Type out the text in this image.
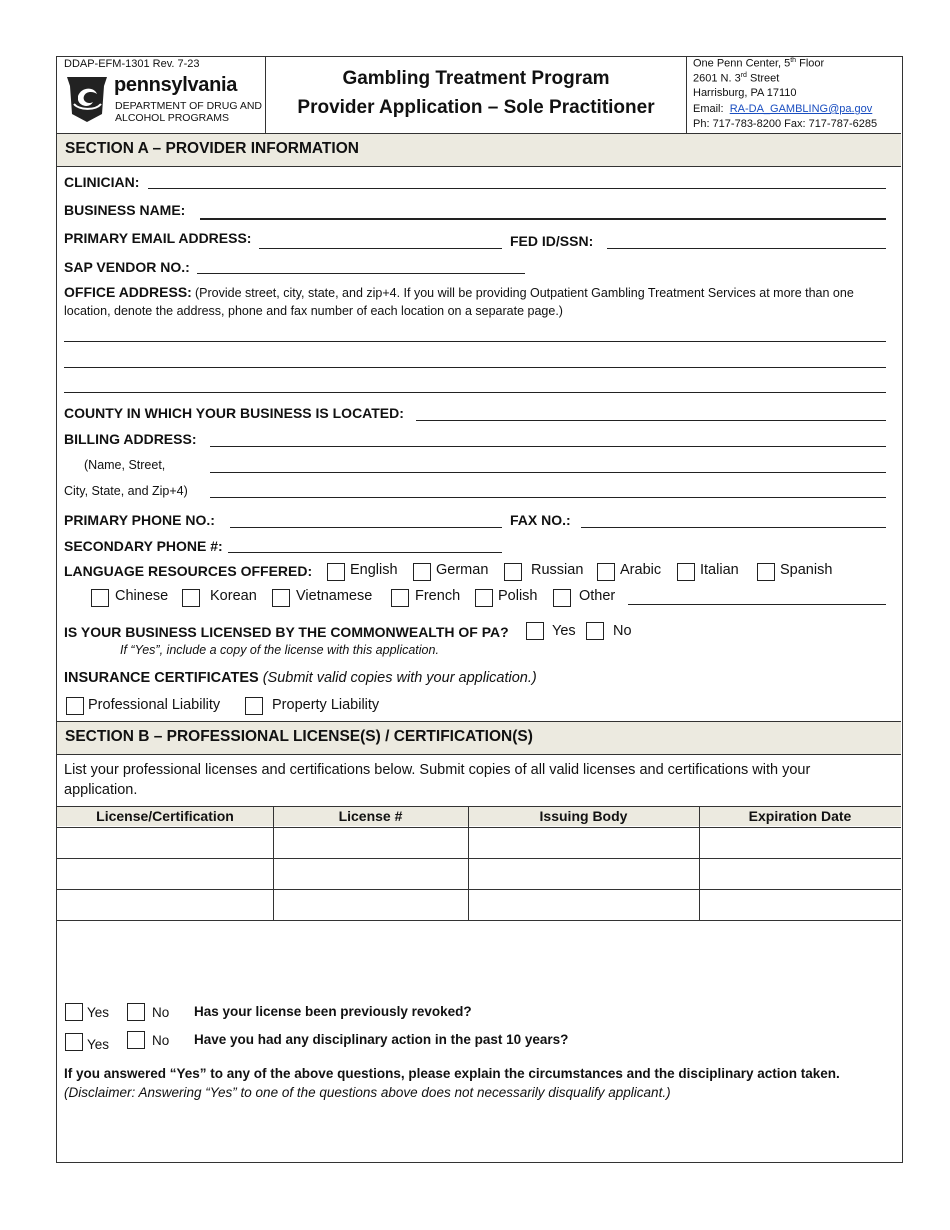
DDAP-EFM-1301 Rev. 7-23
pennsylvania
DEPARTMENT OF DRUG AND
ALCOHOL PROGRAMS
Gambling Treatment Program
Provider Application – Sole Practitioner
One Penn Center, 5th Floor
2601 N. 3rd Street
Harrisburg, PA 17110
Email: RA-DA_GAMBLING@pa.gov
Ph: 717-783-8200 Fax: 717-787-6285
SECTION A – PROVIDER INFORMATION
CLINICIAN:
BUSINESS NAME:
PRIMARY EMAIL ADDRESS:	FED ID/SSN:
SAP VENDOR NO.:
OFFICE ADDRESS: (Provide street, city, state, and zip+4. If you will be providing Outpatient Gambling Treatment Services at more than one
location, denote the address, phone and fax number of each location on a separate page.)
COUNTY IN WHICH YOUR BUSINESS IS LOCATED:
BILLING ADDRESS:
(Name, Street,
City, State, and Zip+4)
PRIMARY PHONE NO.:	FAX NO.:
SECONDARY PHONE #:
LANGUAGE RESOURCES OFFERED:	English	German	Russian	Arabic	Italian	Spanish
Chinese	Korean	Vietnamese	French	Polish	Other
IS YOUR BUSINESS LICENSED BY THE COMMONWEALTH OF PA?	Yes	No
If “Yes”, include a copy of the license with this application.
INSURANCE CERTIFICATES (Submit valid copies with your application.)
Professional Liability	Property Liability
SECTION B – PROFESSIONAL LICENSE(S) / CERTIFICATION(S)
List your professional licenses and certifications below. Submit copies of all valid licenses and certifications with your
application.
License/Certification	License #	Issuing Body	Expiration Date
Yes	No Has your license been previously revoked?
Yes	No Have you had any disciplinary action in the past 10 years?
If you answered “Yes” to any of the above questions, please explain the circumstances and the disciplinary action taken.
(Disclaimer: Answering “Yes” to one of the questions above does not necessarily disqualify applicant.)
